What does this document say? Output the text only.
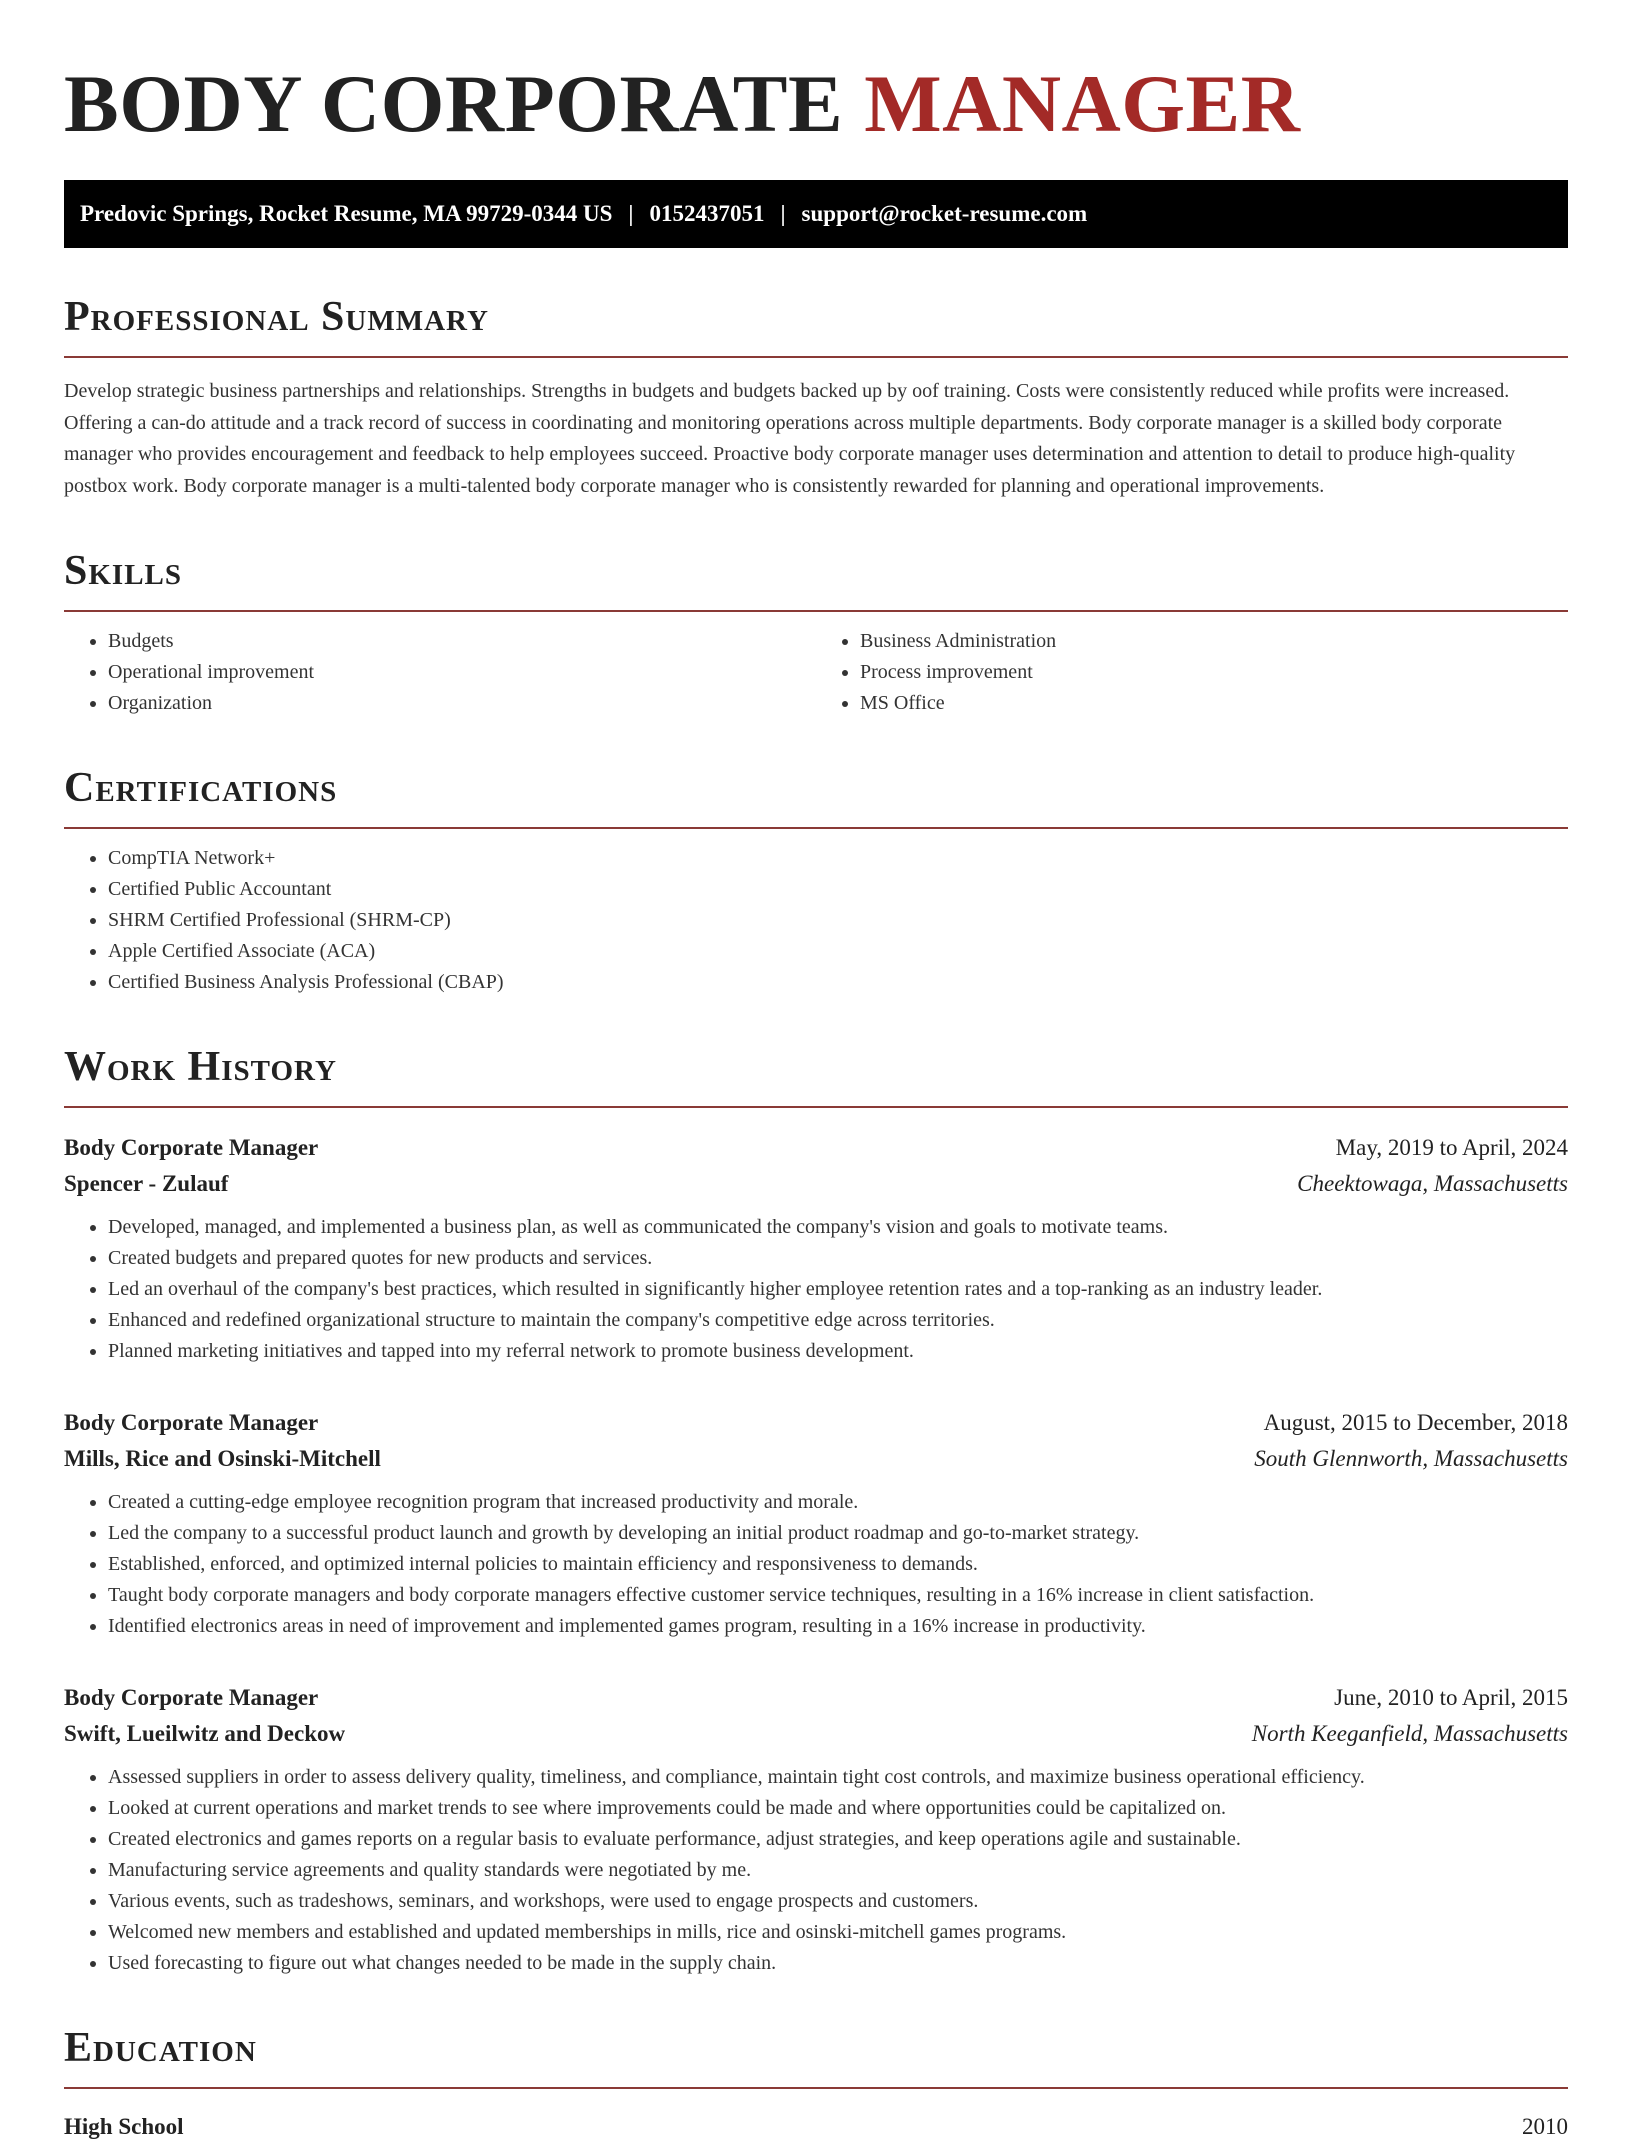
BODY CORPORATE MANAGER
Predovic Springs, Rocket Resume, MA 99729-0344 US | 0152437051 | support@rocket-resume.com
Professional Summary

Develop strategic business partnerships and relationships. Strengths in budgets and budgets backed up by oof training. Costs were consistently reduced while profits were increased. Offering a can-do attitude and a track record of success in coordinating and monitoring operations across multiple departments. Body corporate manager is a skilled body corporate manager who provides encouragement and feedback to help employees succeed. Proactive body corporate manager uses determination and attention to detail to produce high-quality postbox work. Body corporate manager is a multi-talented body corporate manager who is consistently rewarded for planning and operational improvements.

Skills
• Budgets
• Operational improvement
• Organization
• Business Administration
• Process improvement
• MS Office
Certifications
• CompTIA Network+
• Certified Public Accountant
• SHRM Certified Professional (SHRM-CP)
• Apple Certified Associate (ACA)
• Certified Business Analysis Professional (CBAP)
Work History
Body Corporate Manager	May, 2019 to April, 2024
Spencer - Zulauf	Cheektowaga, Massachusetts
• Developed, managed, and implemented a business plan, as well as communicated the company's vision and goals to motivate teams.
• Created budgets and prepared quotes for new products and services.
• Led an overhaul of the company's best practices, which resulted in significantly higher employee retention rates and a top-ranking as an industry leader.
• Enhanced and redefined organizational structure to maintain the company's competitive edge across territories.
• Planned marketing initiatives and tapped into my referral network to promote business development.
Body Corporate Manager	August, 2015 to December, 2018
Mills, Rice and Osinski-Mitchell	South Glennworth, Massachusetts
• Created a cutting-edge employee recognition program that increased productivity and morale.
• Led the company to a successful product launch and growth by developing an initial product roadmap and go-to-market strategy.
• Established, enforced, and optimized internal policies to maintain efficiency and responsiveness to demands.
• Taught body corporate managers and body corporate managers effective customer service techniques, resulting in a 16% increase in client satisfaction.
• Identified electronics areas in need of improvement and implemented games program, resulting in a 16% increase in productivity.
Body Corporate Manager	June, 2010 to April, 2015
Swift, Lueilwitz and Deckow	North Keeganfield, Massachusetts
• Assessed suppliers in order to assess delivery quality, timeliness, and compliance, maintain tight cost controls, and maximize business operational efficiency.
• Looked at current operations and market trends to see where improvements could be made and where opportunities could be capitalized on.
• Created electronics and games reports on a regular basis to evaluate performance, adjust strategies, and keep operations agile and sustainable.
• Manufacturing service agreements and quality standards were negotiated by me.
• Various events, such as tradeshows, seminars, and workshops, were used to engage prospects and customers.
• Welcomed new members and established and updated memberships in mills, rice and osinski-mitchell games programs.
• Used forecasting to figure out what changes needed to be made in the supply chain.
Education
High School	2010
